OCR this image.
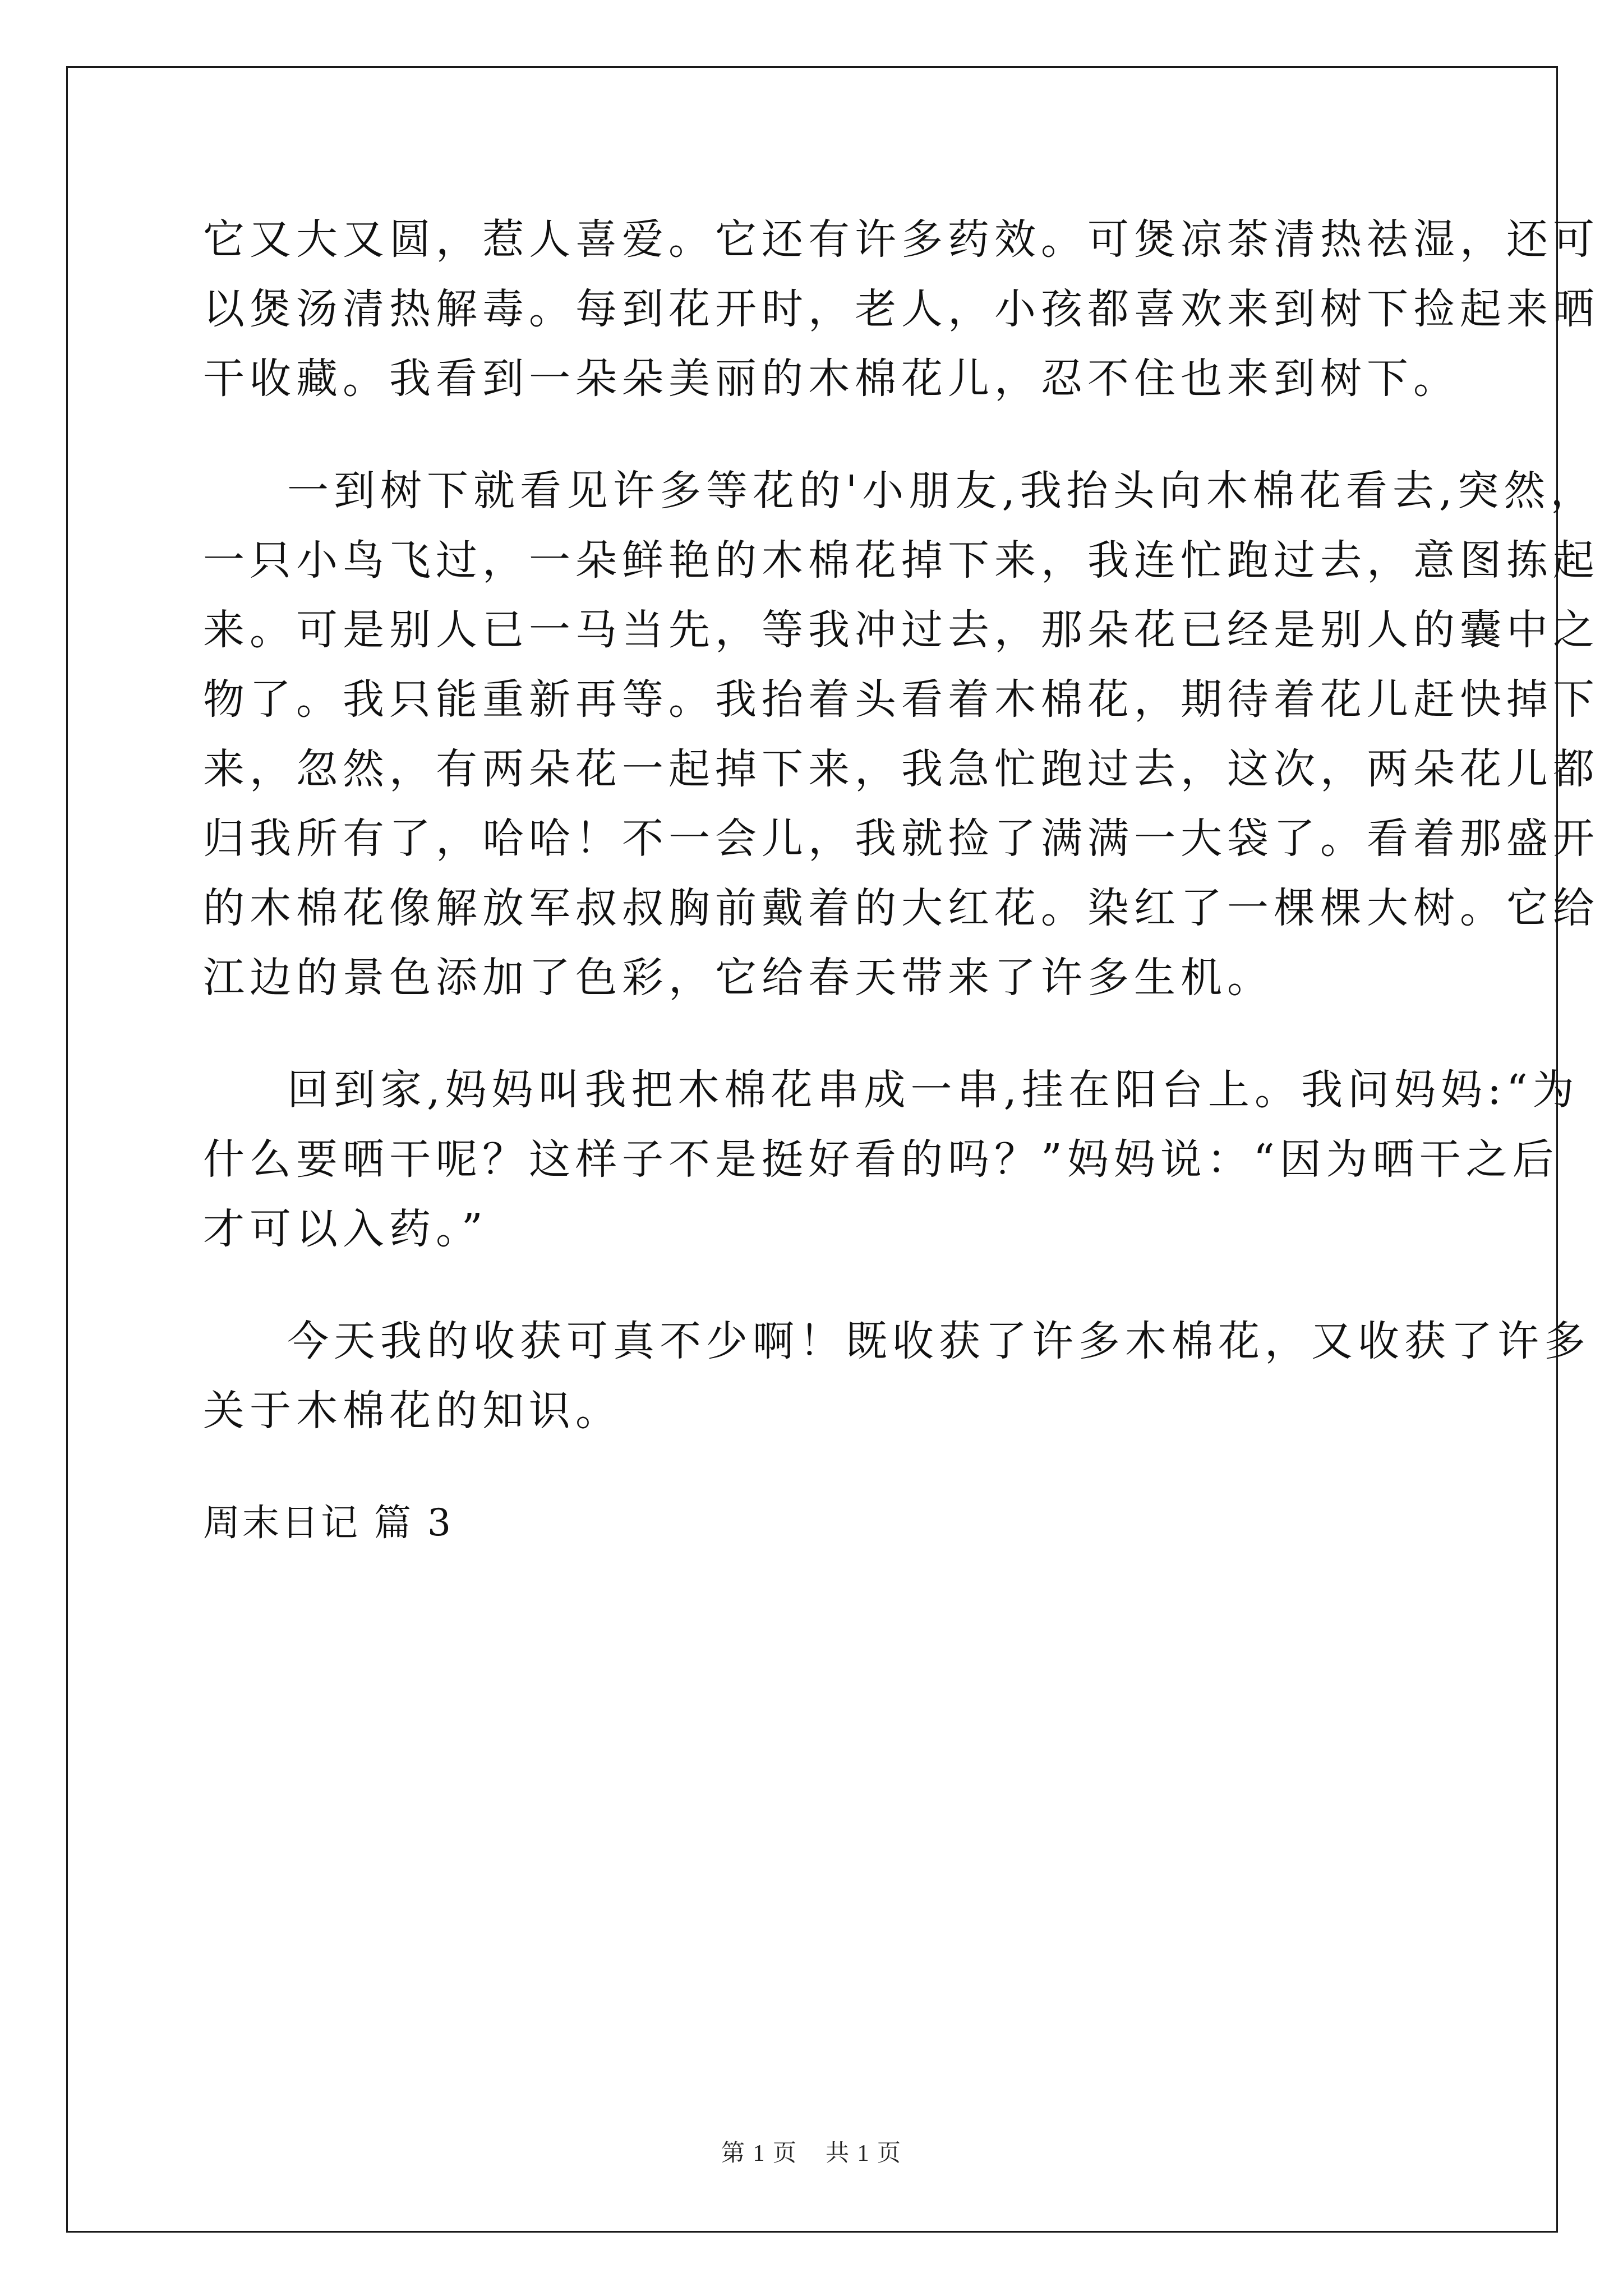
它又大又圆，惹人喜爱。它还有许多药效。可煲凉茶清热祛湿，还可
以煲汤清热解毒。每到花开时，老人，小孩都喜欢来到树下捡起来晒
干收藏。我看到一朵朵美丽的木棉花儿，忍不住也来到树下。
一到树下就看见许多等花的'小朋友,我抬头向木棉花看去,突然，
一只小鸟飞过，一朵鲜艳的木棉花掉下来，我连忙跑过去，意图拣起
来。可是别人已一马当先，等我冲过去，那朵花已经是别人的囊中之
物了。我只能重新再等。我抬着头看着木棉花，期待着花儿赶快掉下
来，忽然，有两朵花一起掉下来，我急忙跑过去，这次，两朵花儿都
归我所有了，哈哈！不一会儿，我就捡了满满一大袋了。看着那盛开
的木棉花像解放军叔叔胸前戴着的大红花。染红了一棵棵大树。它给
江边的景色添加了色彩，它给春天带来了许多生机。
回到家,妈妈叫我把木棉花串成一串,挂在阳台上。我问妈妈:“为
什么要晒干呢？这样子不是挺好看的吗？”妈妈说：“因为晒干之后
才可以入药。”
今天我的收获可真不少啊！既收获了许多木棉花，又收获了许多
关于木棉花的知识。
周末日记 篇 3
第 1 页 共 1 页
